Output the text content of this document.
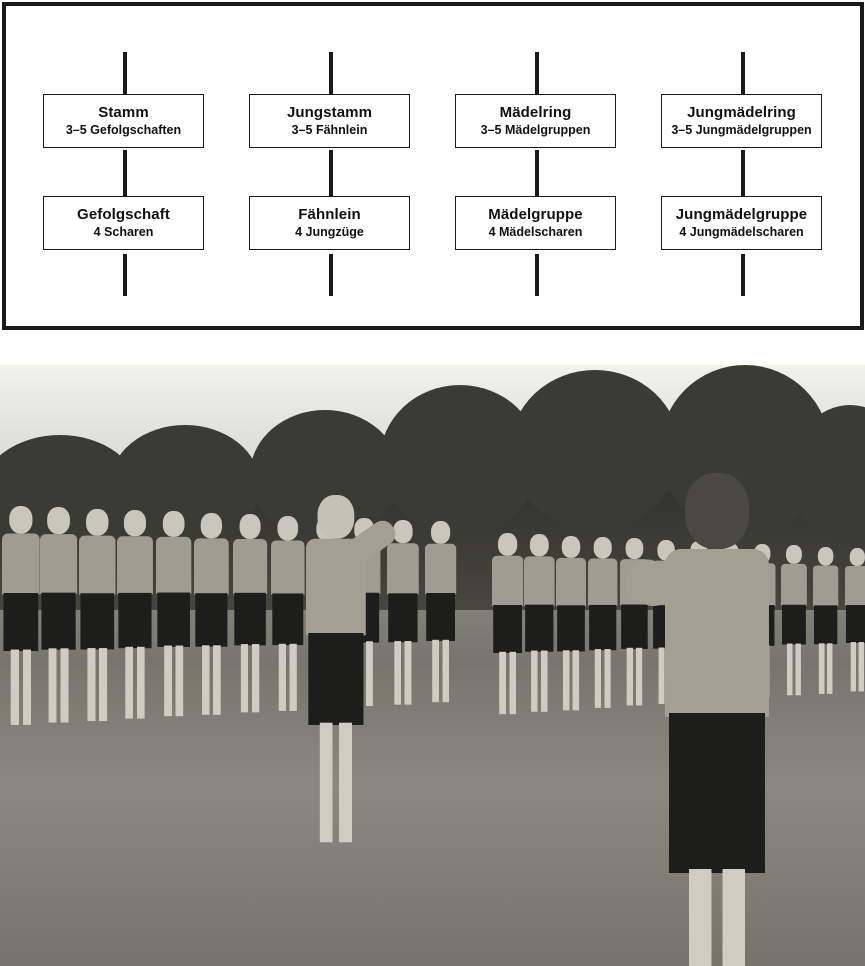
Stamm
3–5 Gefolgschaften
Gefolgschaft
4 Scharen
Jungstamm
3–5 Fähnlein
Fähnlein
4 Jungzüge
Mädelring
3–5 Mädelgruppen
Mädelgruppe
4 Mädelscharen
Jungmädelring
3–5 Jungmädelgruppen
Jungmädelgruppe
4 Jungmädelscharen
